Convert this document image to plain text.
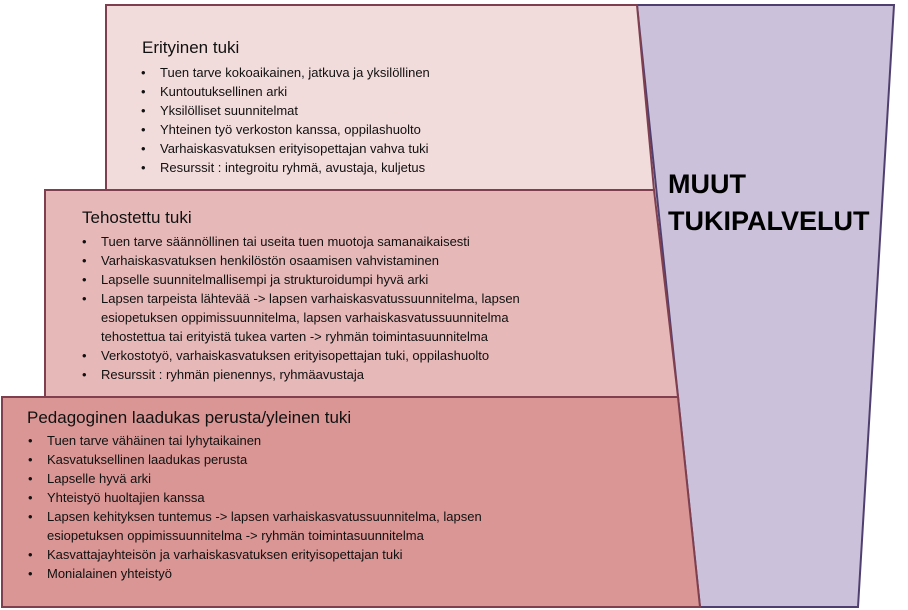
Erityinen tuki
• Tuen tarve kokoaikainen, jatkuva ja yksilöllinen
• Kuntoutuksellinen arki
• Yksilölliset suunnitelmat
• Yhteinen työ verkoston kanssa, oppilashuolto
• Varhaiskasvatuksen erityisopettajan vahva tuki
• Resurssit : integroitu ryhmä, avustaja, kuljetus
Tehostettu tuki
• Tuen tarve säännöllinen tai useita tuen muotoja samanaikaisesti
• Varhaiskasvatuksen henkilöstön osaamisen vahvistaminen
• Lapselle suunnitelmallisempi ja strukturoidumpi hyvä arki
• Lapsen tarpeista lähtevää -> lapsen varhaiskasvatussuunnitelma, lapsen esiopetuksen oppimissuunnitelma, lapsen varhaiskasvatussuunnitelma tehostettua tai erityistä tukea varten -> ryhmän toimintasuunnitelma
• Verkostotyö, varhaiskasvatuksen erityisopettajan tuki, oppilashuolto
• Resurssit : ryhmän pienennys, ryhmäavustaja
Pedagoginen laadukas perusta/yleinen tuki
• Tuen tarve vähäinen tai lyhytaikainen
• Kasvatuksellinen laadukas perusta
• Lapselle hyvä arki
• Yhteistyö huoltajien kanssa
• Lapsen kehityksen tuntemus -> lapsen varhaiskasvatussuunnitelma, lapsen esiopetuksen oppimissuunnitelma -> ryhmän toimintasuunnitelma
• Kasvattajayhteisön ja varhaiskasvatuksen erityisopettajan tuki
• Monialainen yhteistyö
MUUT
TUKIPALVELUT
